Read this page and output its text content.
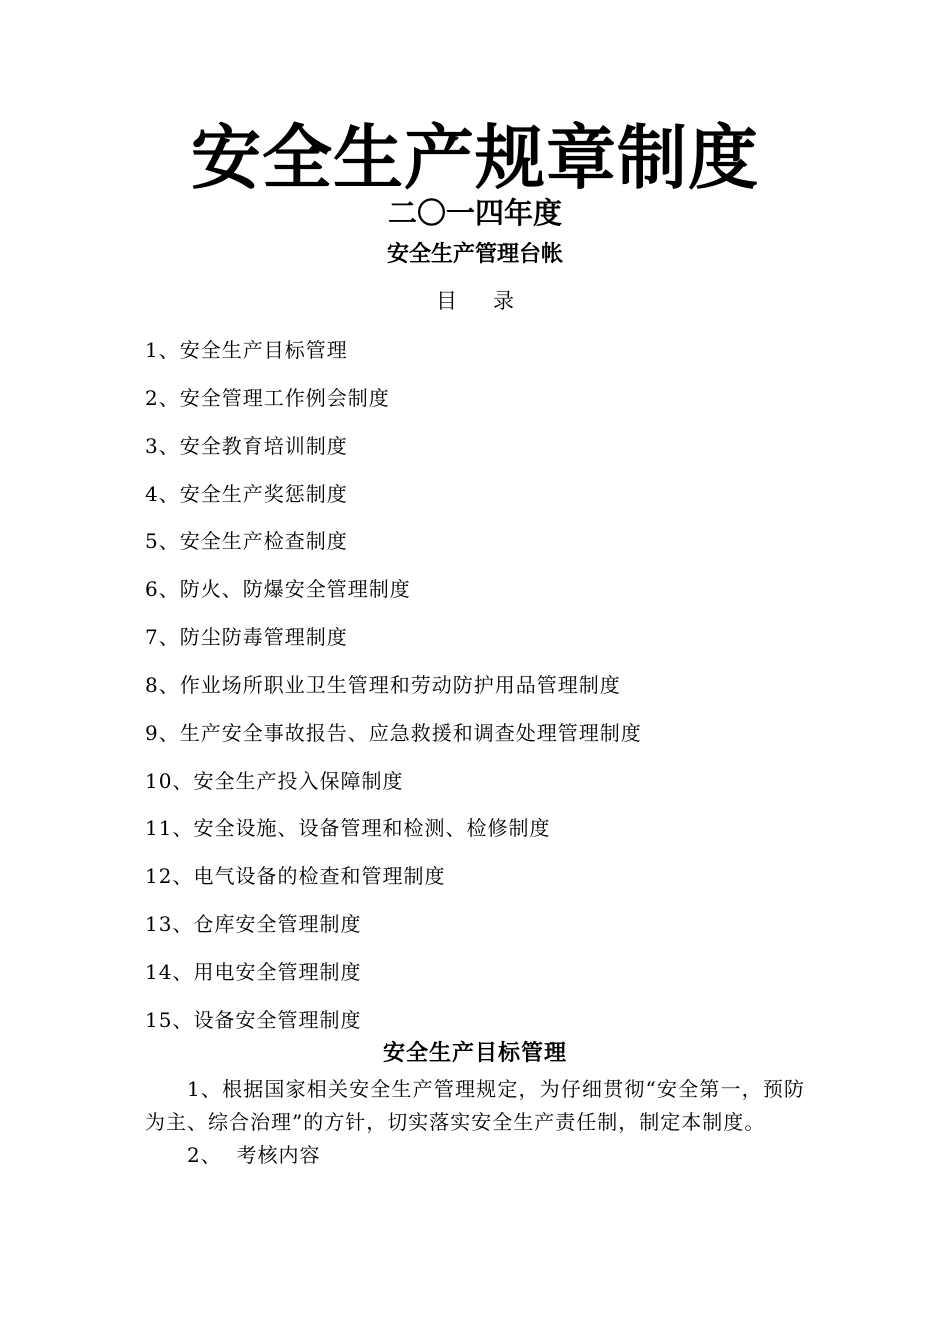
安全生产规章制度
二〇一四年度
安全生产管理台帐
目 录
1、安全生产目标管理
2、安全管理工作例会制度
3、安全教育培训制度
4、安全生产奖惩制度
5、安全生产检查制度
6、防火、防爆安全管理制度
7、防尘防毒管理制度
8、作业场所职业卫生管理和劳动防护用品管理制度
9、生产安全事故报告、应急救援和调查处理管理制度
10、安全生产投入保障制度
11、安全设施、设备管理和检测、检修制度
12、电气设备的检查和管理制度
13、仓库安全管理制度
14、用电安全管理制度
15、设备安全管理制度
安全生产目标管理

1、根据国家相关安全生产管理规定，为仔细贯彻“安全第一，预防为主、综合治理”的方针，切实落实安全生产责任制，制定本制度。

2、  考核内容
